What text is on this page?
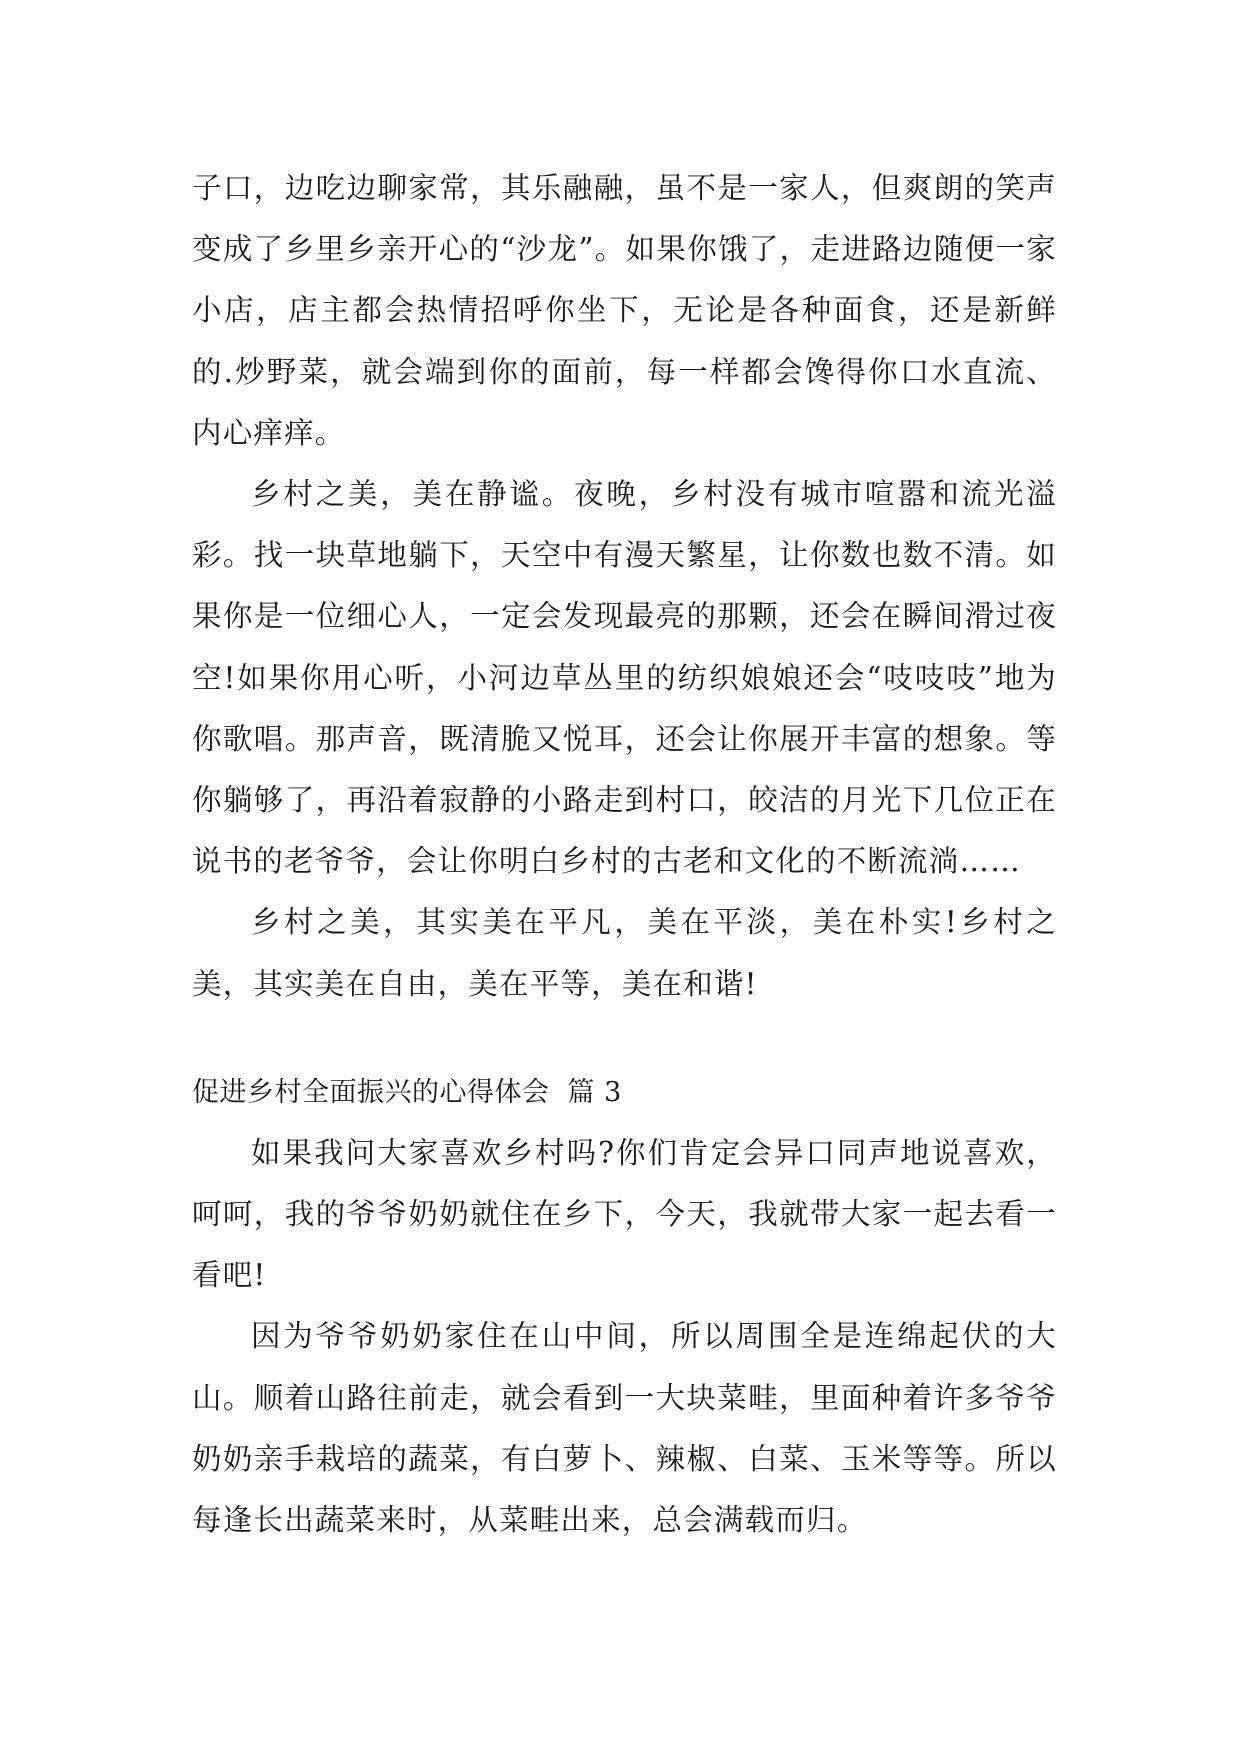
子口，边吃边聊家常，其乐融融，虽不是一家人，但爽朗的笑声变成了乡里乡亲开心的“沙龙”。如果你饿了，走进路边随便一家小店，店主都会热情招呼你坐下，无论是各种面食，还是新鲜的.炒野菜，就会端到你的面前，每一样都会馋得你口水直流、内心痒痒。

乡村之美，美在静谧。夜晚，乡村没有城市喧嚣和流光溢彩。找一块草地躺下，天空中有漫天繁星，让你数也数不清。如果你是一位细心人，一定会发现最亮的那颗，还会在瞬间滑过夜空!如果你用心听，小河边草丛里的纺织娘娘还会“吱吱吱”地为你歌唱。那声音，既清脆又悦耳，还会让你展开丰富的想象。等你躺够了，再沿着寂静的小路走到村口，皎洁的月光下几位正在说书的老爷爷，会让你明白乡村的古老和文化的不断流淌……

乡村之美，其实美在平凡，美在平淡，美在朴实!乡村之美，其实美在自由，美在平等，美在和谐!

促进乡村全面振兴的心得体会 篇 3

如果我问大家喜欢乡村吗?你们肯定会异口同声地说喜欢，呵呵，我的爷爷奶奶就住在乡下，今天，我就带大家一起去看一看吧!

因为爷爷奶奶家住在山中间，所以周围全是连绵起伏的大山。顺着山路往前走，就会看到一大块菜畦，里面种着许多爷爷奶奶亲手栽培的蔬菜，有白萝卜、辣椒、白菜、玉米等等。所以每逢长出蔬菜来时，从菜畦出来，总会满载而归。
